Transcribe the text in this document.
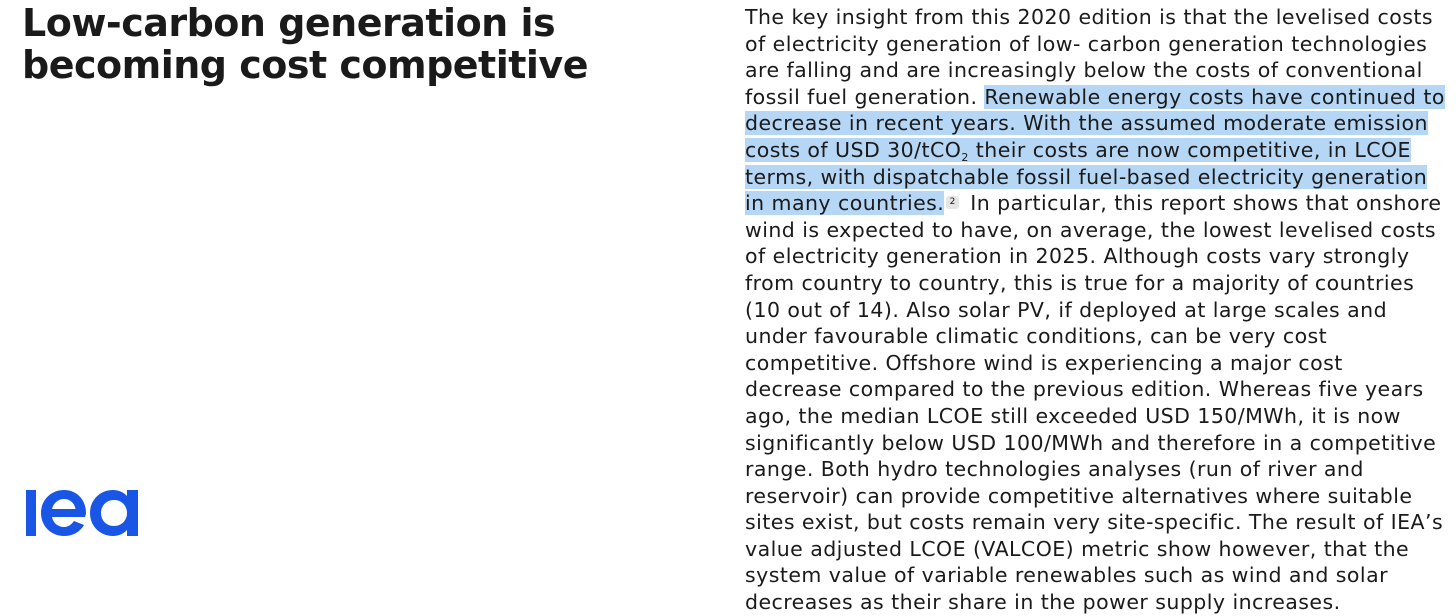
Low-carbon generation is becoming cost competitive
iea

The key insight from this 2020 edition is that the levelised costs of electricity generation of low- carbon generation technologies are falling and are increasingly below the costs of conventional fossil fuel generation. Renewable energy costs have continued to decrease in recent years. With the assumed moderate emission costs of USD 30/tCO$_2$ their costs are now competitive, in LCOE terms, with dispatchable fossil fuel-based electricity generation in many countries. 2 In particular, this report shows that onshore wind is expected to have, on average, the lowest levelised costs of electricity generation in 2025. Although costs vary strongly from country to country, this is true for a majority of countries (10 out of 14). Also solar PV, if deployed at large scales and under favourable climatic conditions, can be very cost competitive. Offshore wind is experiencing a major cost decrease compared to the previous edition. Whereas five years ago, the median LCOE still exceeded USD 150/MWh, it is now significantly below USD 100/MWh and therefore in a competitive range. Both hydro technologies analyses (run of river and reservoir) can provide competitive alternatives where suitable sites exist, but costs remain very site-specific. The result of IEA’s value adjusted LCOE (VALCOE) metric show however, that the system value of variable renewables such as wind and solar decreases as their share in the power supply increases.
